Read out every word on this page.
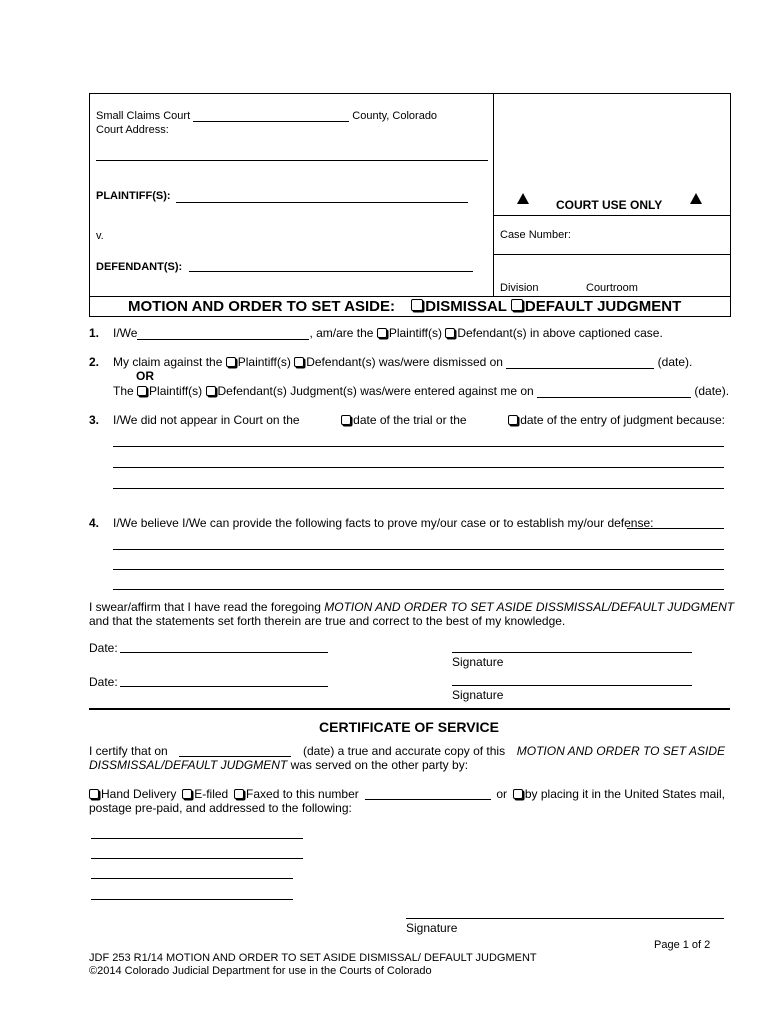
Small Claims Court	County, Colorado
Court Address:
PLAINTIFF(S):
v.
DEFENDANT(S):
COURT USE ONLY
Case Number:
Division	Courtroom
MOTION AND ORDER TO SET ASIDE: DISMISSAL DEFAULT JUDGMENT
1. I/We	, am/are the Plaintiff(s) Defendant(s) in above captioned case.
2. My claim against the Plaintiff(s) Defendant(s) was/were dismissed on	(date).
OR
The Plaintiff(s) Defendant(s) Judgment(s) was/were entered against me on	(date).
3. I/We did not appear in Court on the	date of the trial or the	date of the entry of judgment because:
4. I/We believe I/We can provide the following facts to prove my/our case or to establish my/our defense:
I swear/affirm that I have read the foregoing MOTION AND ORDER TO SET ASIDE DISSMISSAL/DEFAULT JUDGMENT
and that the statements set forth therein are true and correct to the best of my knowledge.
Date:
Signature
Date:
Signature
CERTIFICATE OF SERVICE
I certify that on	(date) a true and accurate copy of this MOTION AND ORDER TO SET ASIDE
DISSMISSAL/DEFAULT JUDGMENT was served on the other party by:
Hand Delivery	E-filed	Faxed to this number	or	by placing it in the United States mail,
postage pre-paid, and addressed to the following:
Signature
Page 1 of 2
JDF 253 R1/14 MOTION AND ORDER TO SET ASIDE DISMISSAL/ DEFAULT JUDGMENT
©2014 Colorado Judicial Department for use in the Courts of Colorado
